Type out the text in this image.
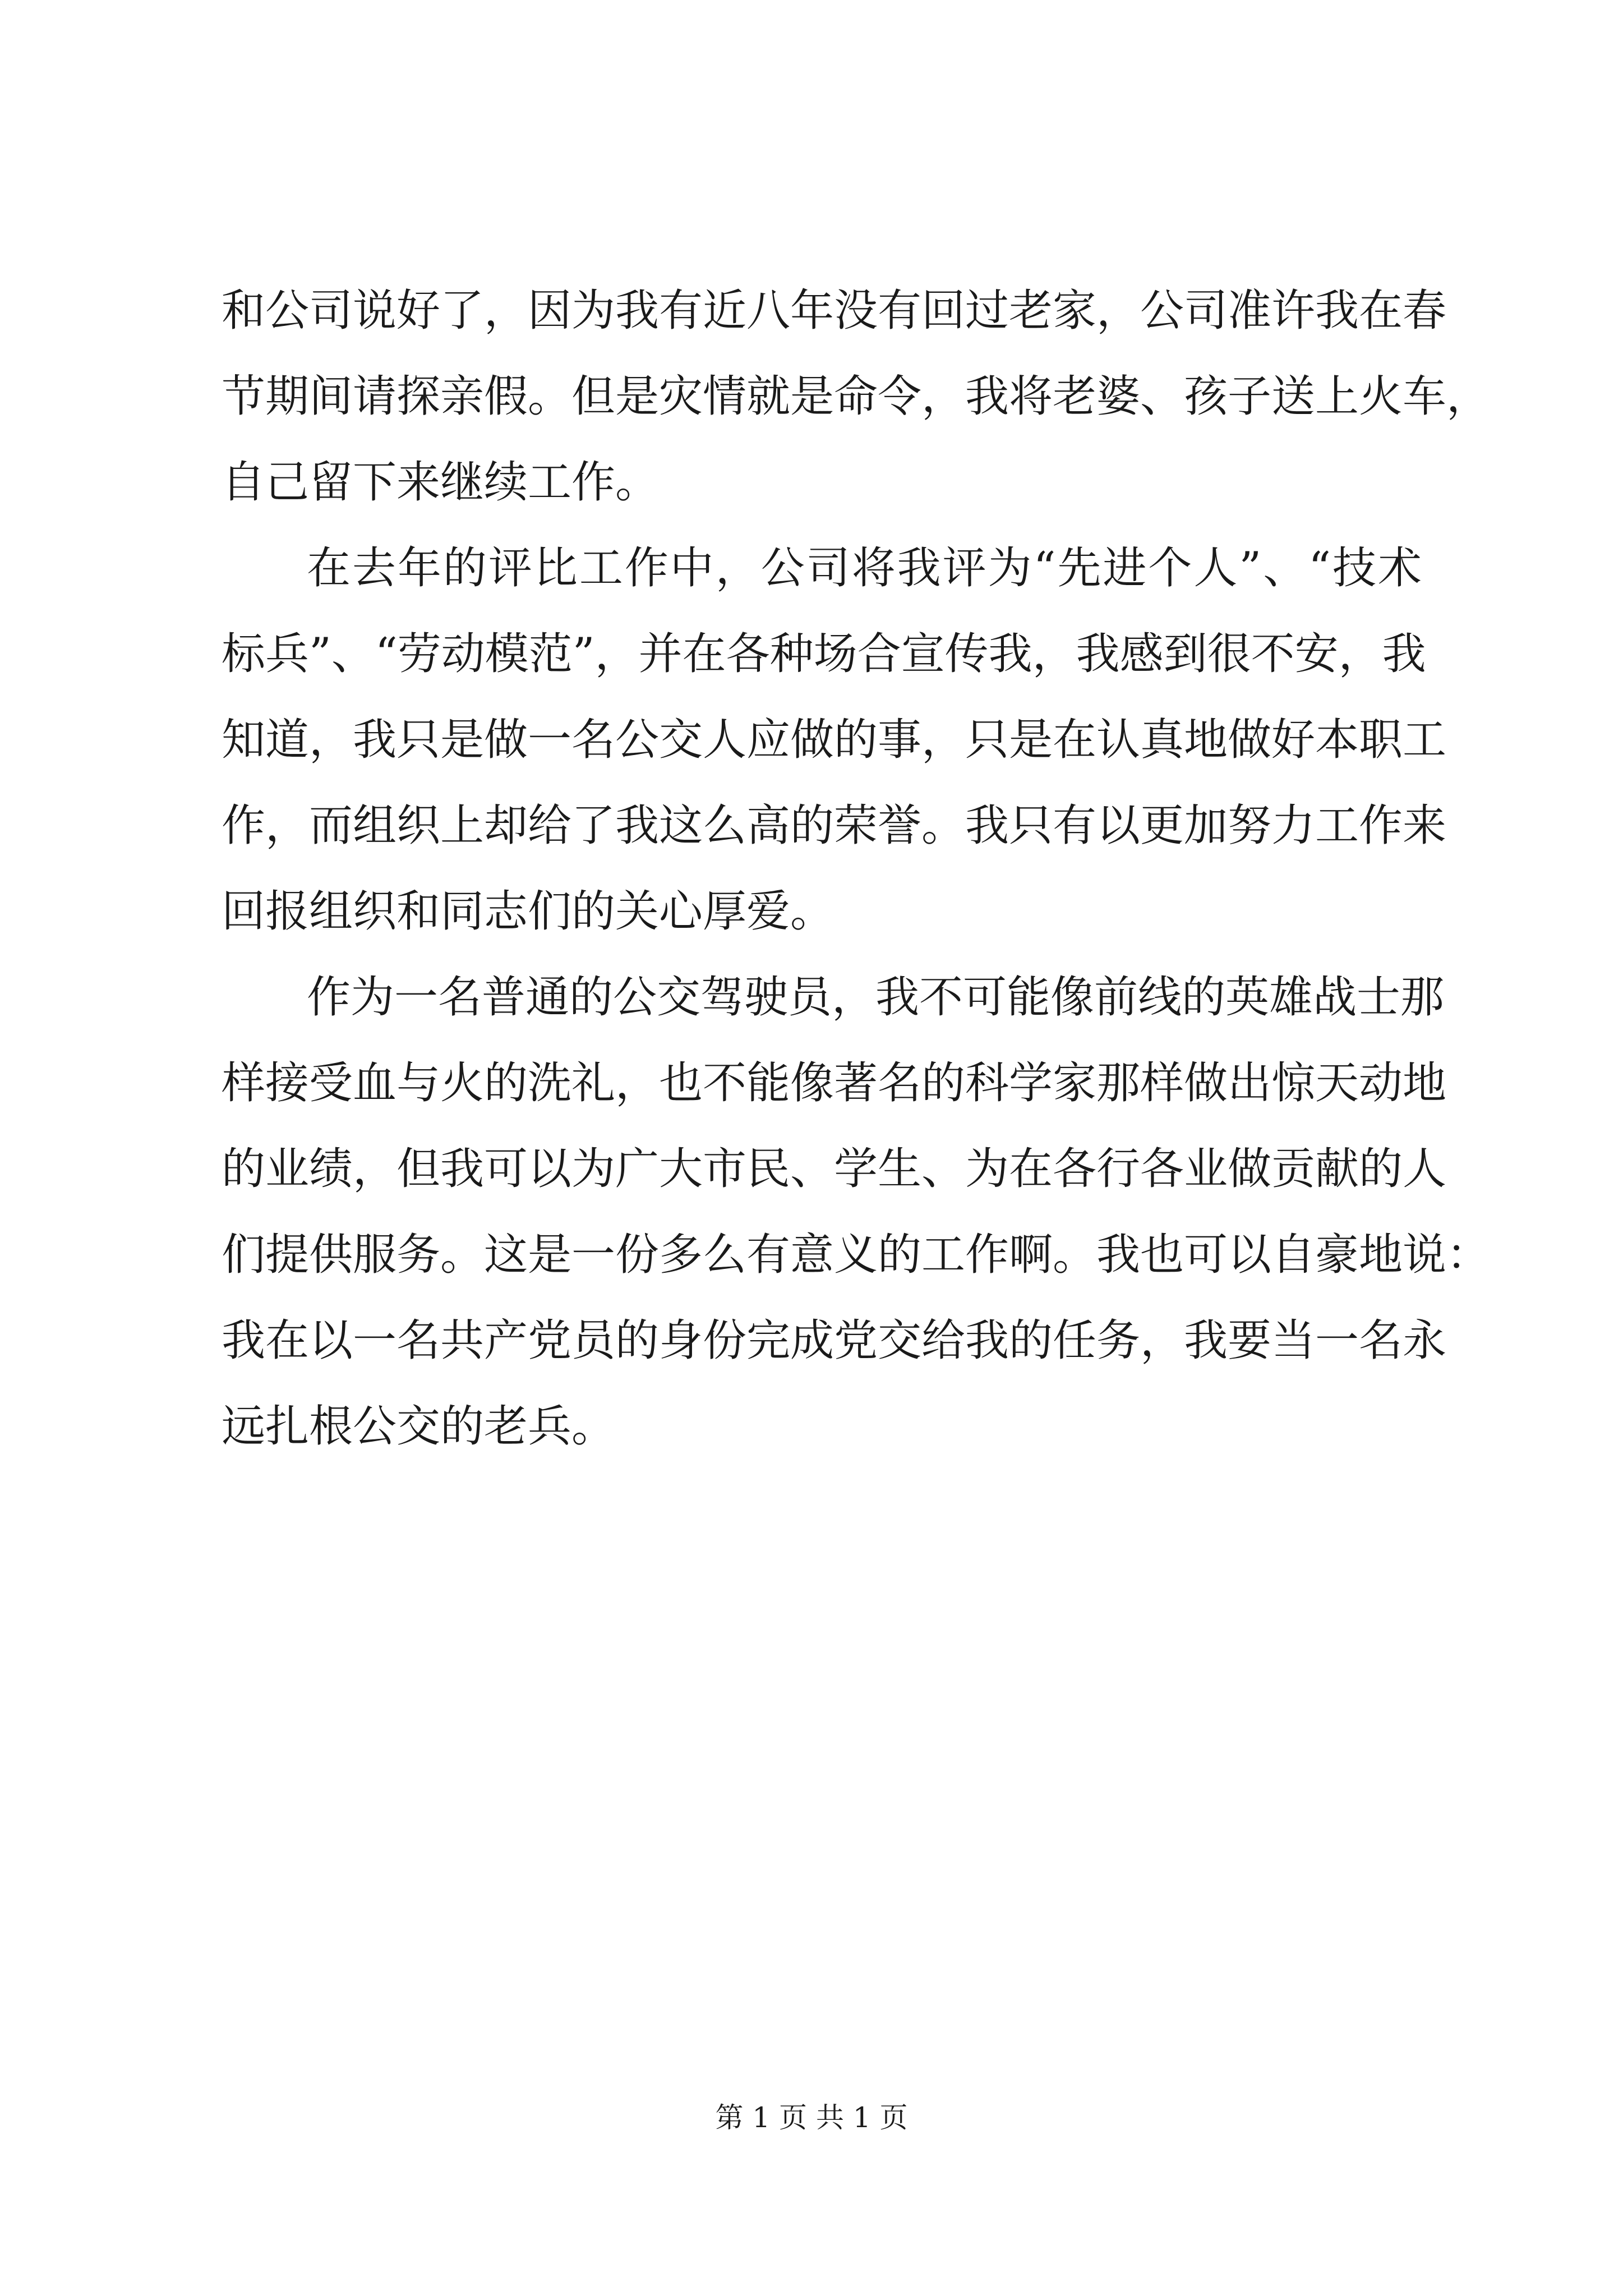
和公司说好了，因为我有近八年没有回过老家，公司准许我在春
节期间请探亲假。但是灾情就是命令，我将老婆、孩子送上火车，
自己留下来继续工作。
在去年的评比工作中，公司将我评为“先进个人”、“技术
标兵”、“劳动模范”，并在各种场合宣传我，我感到很不安，我
知道，我只是做一名公交人应做的事，只是在认真地做好本职工
作，而组织上却给了我这么高的荣誉。我只有以更加努力工作来
回报组织和同志们的关心厚爱。
作为一名普通的公交驾驶员，我不可能像前线的英雄战士那
样接受血与火的洗礼，也不能像著名的科学家那样做出惊天动地
的业绩，但我可以为广大市民、学生、为在各行各业做贡献的人
们提供服务。这是一份多么有意义的工作啊。我也可以自豪地说：
我在以一名共产党员的身份完成党交给我的任务，我要当一名永
远扎根公交的老兵。
第 1 页 共 1 页
